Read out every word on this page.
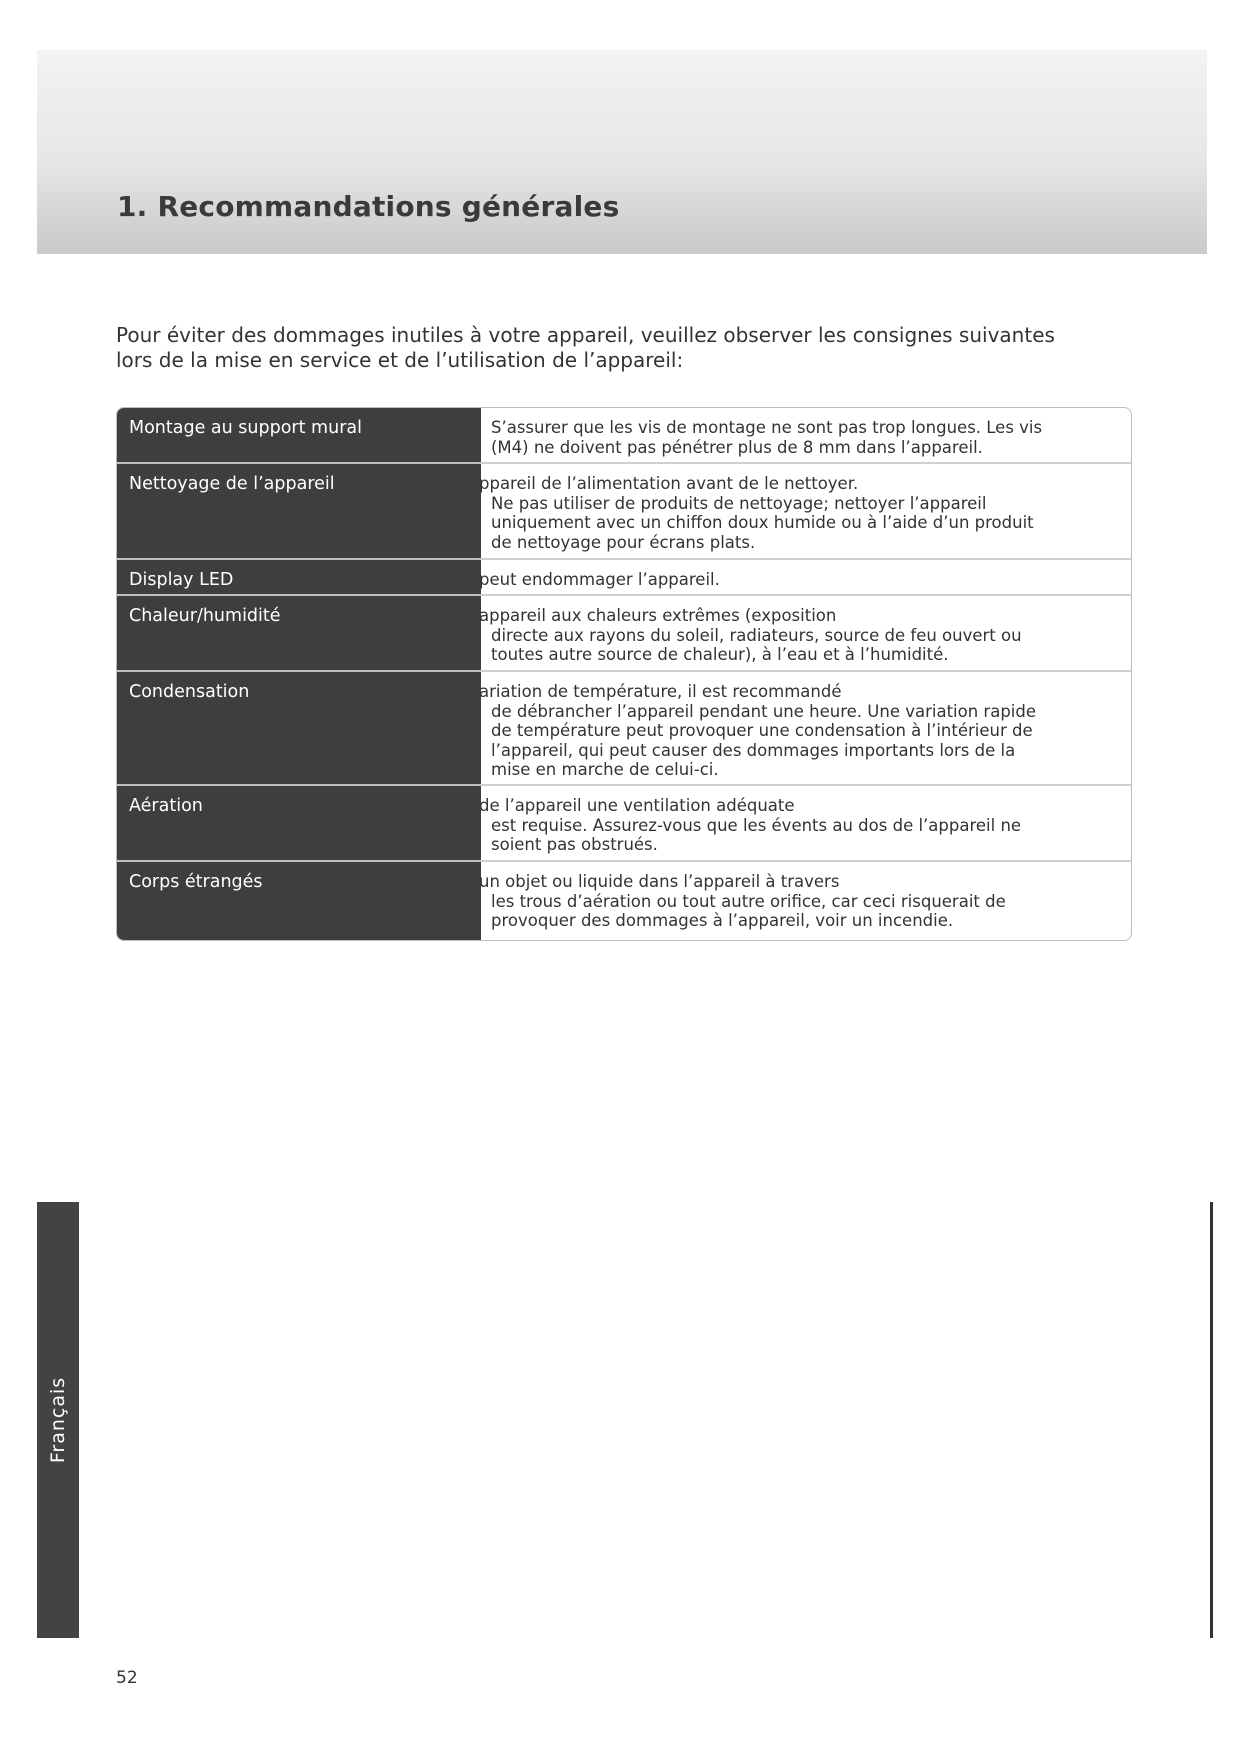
1. Recommandations générales

Pour éviter des dommages inutiles à votre appareil, veuillez observer les consignes suivantes
lors de la mise en service et de l’utilisation de l’appareil:

Montage au support mural	S’assurer que les vis de montage ne sont pas trop longues. Les vis
(M4) ne doivent pas pénétrer plus de 8 mm dans l’appareil.
Nettoyage de l’appareil	ppareil de l’alimentation avant de le nettoyer.
Ne pas utiliser de produits de nettoyage; nettoyer l’appareil
uniquement avec un chiffon doux humide ou à l’aide d’un produit
de nettoyage pour écrans plats.
Display LED	peut endommager l’appareil.
Chaleur/humidité	appareil aux chaleurs extrêmes (exposition
directe aux rayons du soleil, radiateurs, source de feu ouvert ou
toutes autre source de chaleur), à l’eau et à l’humidité.
Condensation	ariation de température, il est recommandé
de débrancher l’appareil pendant une heure. Une variation rapide
de température peut provoquer une condensation à l’intérieur de
l’appareil, qui peut causer des dommages importants lors de la
mise en marche de celui-ci.
Aération	de l’appareil une ventilation adéquate
est requise. Assurez-vous que les évents au dos de l’appareil ne
soient pas obstrués.
Corps étrangés	un objet ou liquide dans l’appareil à travers
les trous d’aération ou tout autre orifice, car ceci risquerait de
provoquer des dommages à l’appareil, voir un incendie.
Français
52
